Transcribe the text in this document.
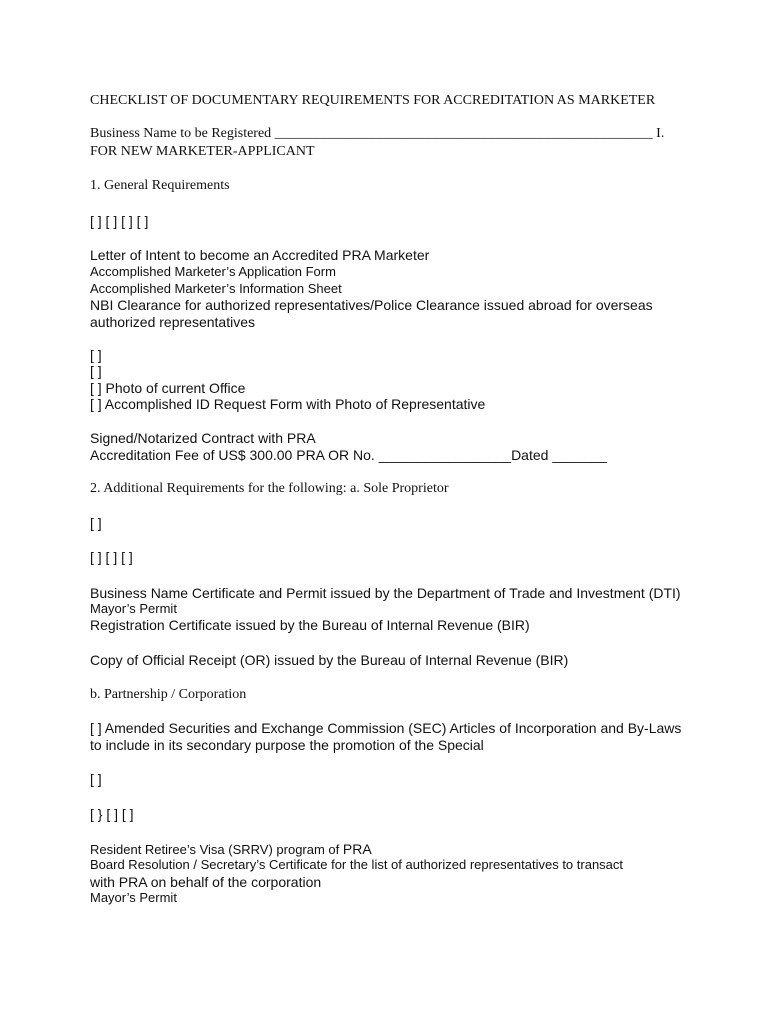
CHECKLIST OF DOCUMENTARY REQUIREMENTS FOR ACCREDITATION AS MARKETER
Business Name to be Registered ______________________________________________________ I.
FOR NEW MARKETER-APPLICANT
1. General Requirements
[ ] [ ] [ ] [ ]
Letter of Intent to become an Accredited PRA Marketer
Accomplished Marketer’s Application Form
Accomplished Marketer’s Information Sheet
NBI Clearance for authorized representatives/Police Clearance issued abroad for overseas
authorized representatives
[ ]
[ ]
[ ] Photo of current Office
[ ] Accomplished ID Request Form with Photo of Representative
Signed/Notarized Contract with PRA
Accreditation Fee of US$ 300.00 PRA OR No. _________________Dated _______
2. Additional Requirements for the following: a. Sole Proprietor
[ ]
[ ] [ ] [ ]
Business Name Certificate and Permit issued by the Department of Trade and Investment (DTI)
Mayor’s Permit
Registration Certificate issued by the Bureau of Internal Revenue (BIR)
Copy of Official Receipt (OR) issued by the Bureau of Internal Revenue (BIR)
b. Partnership / Corporation
[ ] Amended Securities and Exchange Commission (SEC) Articles of Incorporation and By-Laws
to include in its secondary purpose the promotion of the Special
[ ]
[ } [ ] [ ]
Resident Retiree’s Visa (SRRV) program of PRA
Board Resolution / Secretary’s Certificate for the list of authorized representatives to transact
with PRA on behalf of the corporation
Mayor’s Permit
